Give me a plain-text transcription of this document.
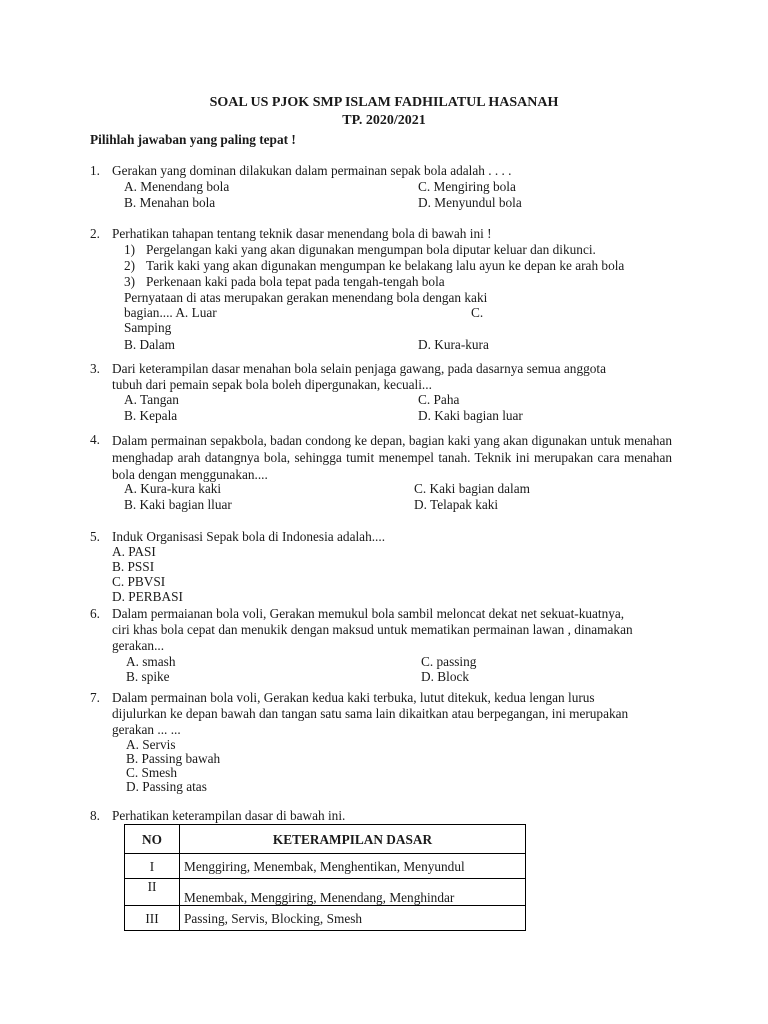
SOAL US PJOK SMP ISLAM FADHILATUL HASANAH
TP. 2020/2021
Pilihlah jawaban yang paling tepat !
1. Gerakan yang dominan dilakukan dalam permainan sepak bola adalah . . . .
A. Menendang bola	C. Mengiring bola
B. Menahan bola	D. Menyundul bola
2. Perhatikan tahapan tentang teknik dasar menendang bola di bawah ini !
1) Pergelangan kaki yang akan digunakan mengumpan bola diputar keluar dan dikunci.
2) Tarik kaki yang akan digunakan mengumpan ke belakang lalu ayun ke depan ke arah bola
3) Perkenaan kaki pada bola tepat pada tengah-tengah bola
Pernyataan di atas merupakan gerakan menendang bola dengan kaki
bagian.... A. Luar	C.
Samping
B. Dalam	D. Kura-kura
3. Dari keterampilan dasar menahan bola selain penjaga gawang, pada dasarnya semua anggota
tubuh dari pemain sepak bola boleh dipergunakan, kecuali...
A. Tangan	C. Paha
B. Kepala	D. Kaki bagian luar
4. Dalam permainan sepakbola, badan condong ke depan, bagian kaki yang akan digunakan untuk menahan menghadap arah datangnya bola, sehingga tumit menempel tanah. Teknik ini merupakan cara menahan bola dengan menggunakan....
A. Kura-kura kaki	C. Kaki bagian dalam
B. Kaki bagian lluar	D. Telapak kaki
5. Induk Organisasi Sepak bola di Indonesia adalah....
A. PASI
B. PSSI
C. PBVSI
D. PERBASI
6. Dalam permaianan bola voli, Gerakan memukul bola sambil meloncat dekat net sekuat-kuatnya,
ciri khas bola cepat dan menukik dengan maksud untuk mematikan permainan lawan , dinamakan
gerakan...
A. smash	C. passing
B. spike	D. Block
7. Dalam permainan bola voli, Gerakan kedua kaki terbuka, lutut ditekuk, kedua lengan lurus
dijulurkan ke depan bawah dan tangan satu sama lain dikaitkan atau berpegangan, ini merupakan
gerakan ... ...
A. Servis
B. Passing bawah
C. Smesh
D. Passing atas
8. Perhatikan keterampilan dasar di bawah ini.
NO	KETERAMPILAN DASAR
I	Menggiring, Menembak, Menghentikan, Menyundul
II	Menembak, Menggiring, Menendang, Menghindar
III	Passing, Servis, Blocking, Smesh
